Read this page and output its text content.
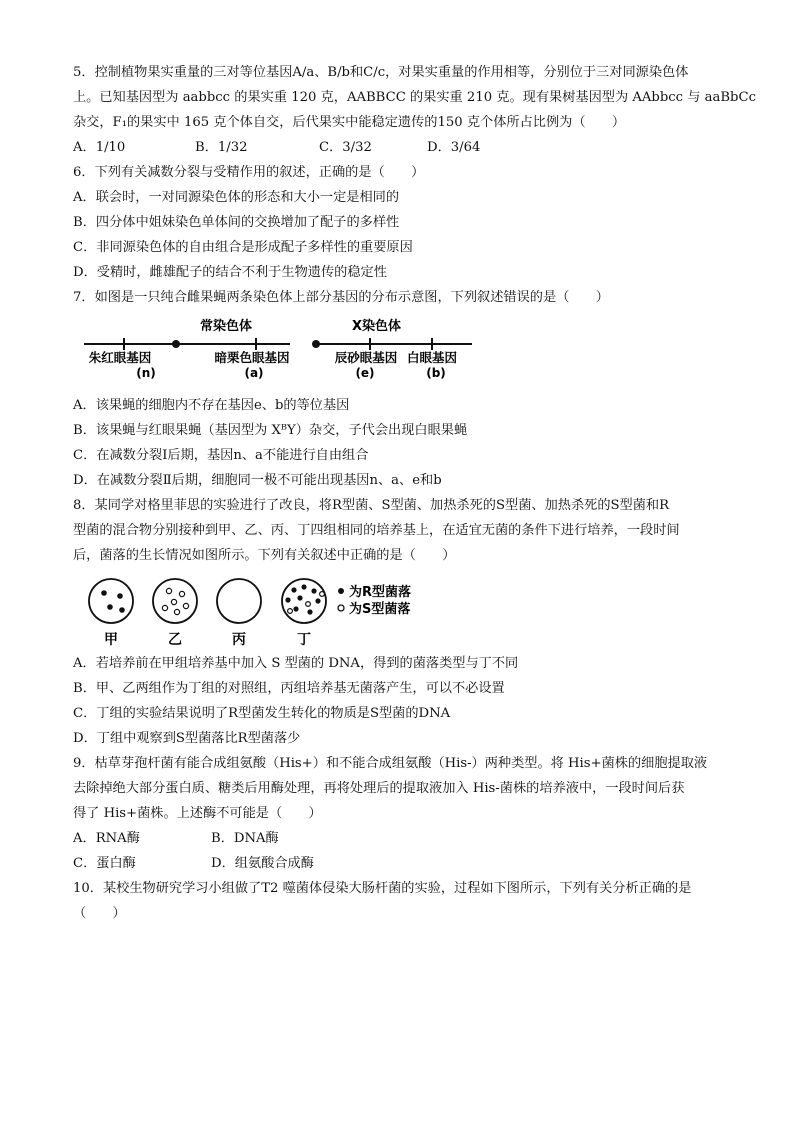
5．控制植物果实重量的三对等位基因A/a、B/b和C/c，对果实重量的作用相等，分别位于三对同源染色体
上。已知基因型为 aabbcc 的果实重 120 克，AABBCC 的果实重 210 克。现有果树基因型为 AAbbcc 与 aaBbCc
杂交，F₁的果实中 165 克个体自交，后代果实中能稳定遗传的150 克个体所占比例为（　　）
A．1/10	B．1/32	C．3/32	D．3/64
6．下列有关减数分裂与受精作用的叙述，正确的是（　　）
A．联会时，一对同源染色体的形态和大小一定是相同的
B．四分体中姐妹染色单体间的交换增加了配子的多样性
C．非同源染色体的自由组合是形成配子多样性的重要原因
D．受精时，雌雄配子的结合不利于生物遗传的稳定性
7．如图是一只纯合雌果蝇两条染色体上部分基因的分布示意图，下列叙述错误的是（　　）
常染色体	X染色体
朱红眼基因
(n)
暗栗色眼基因
(a)
辰砂眼基因
(e)
白眼基因
(b)
A．该果蝇的细胞内不存在基因e、b的等位基因
B．该果蝇与红眼果蝇（基因型为 XᴮY）杂交，子代会出现白眼果蝇
C．在减数分裂Ⅰ后期，基因n、a不能进行自由组合
D．在减数分裂Ⅱ后期，细胞同一极不可能出现基因n、a、e和b
8．某同学对格里菲思的实验进行了改良，将R型菌、S型菌、加热杀死的S型菌、加热杀死的S型菌和R
型菌的混合物分别接种到甲、乙、丙、丁四组相同的培养基上，在适宜无菌的条件下进行培养，一段时间
后，菌落的生长情况如图所示。下列有关叙述中正确的是（　　）
甲	乙	丙	丁
为R型菌落
为S型菌落
A．若培养前在甲组培养基中加入 S 型菌的 DNA，得到的菌落类型与丁不同
B．甲、乙两组作为丁组的对照组，丙组培养基无菌落产生，可以不必设置
C．丁组的实验结果说明了R型菌发生转化的物质是S型菌的DNA
D．丁组中观察到S型菌落比R型菌落少
9．枯草芽孢杆菌有能合成组氨酸（His+）和不能合成组氨酸（His-）两种类型。将 His+菌株的细胞提取液
去除掉绝大部分蛋白质、糖类后用酶处理，再将处理后的提取液加入 His-菌株的培养液中，一段时间后获
得了 His+菌株。上述酶不可能是（　　）
A．RNA酶	B．DNA酶
C．蛋白酶	D．组氨酸合成酶
10．某校生物研究学习小组做了T2 噬菌体侵染大肠杆菌的实验，过程如下图所示，下列有关分析正确的是
（　　）
